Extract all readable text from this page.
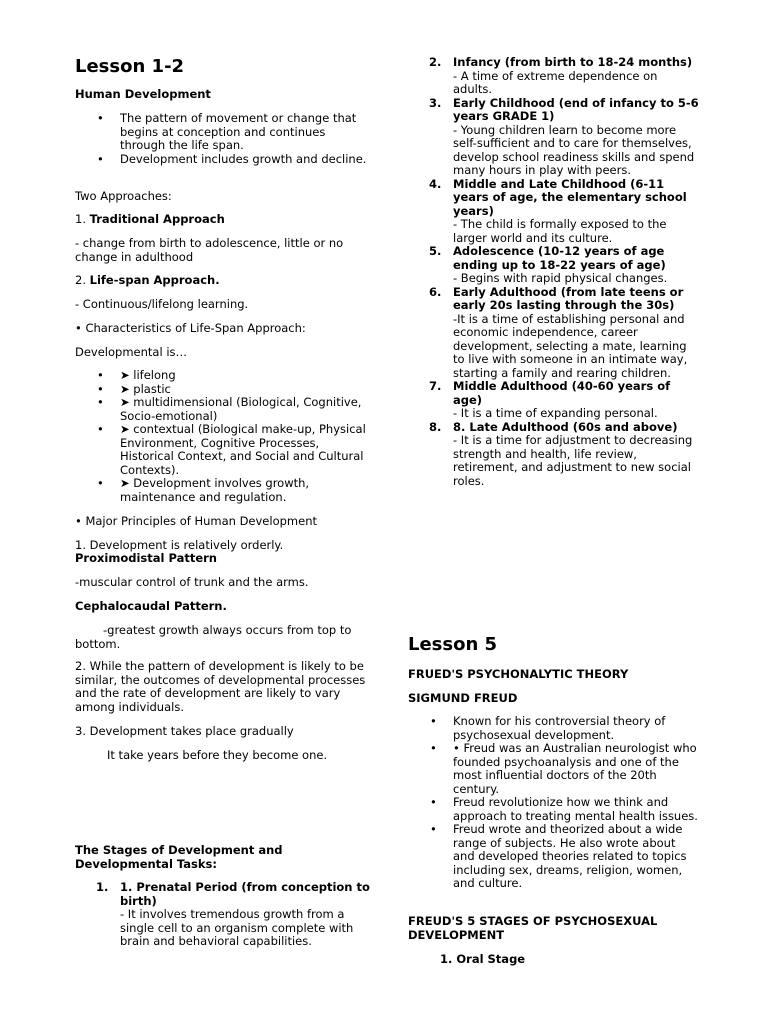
Lesson 1-2

Human Development

• The pattern of movement or change that begins at conception and continues through the life span.
• Development includes growth and decline.

Two Approaches:

1. Traditional Approach

- change from birth to adolescence, little or no change in adulthood

2. Life-span Approach.

- Continuous/lifelong learning.

• Characteristics of Life-Span Approach:

Developmental is…

• ➤ lifelong
• ➤ plastic
• ➤ multidimensional (Biological, Cognitive, Socio-emotional)
• ➤ contextual (Biological make-up, Physical Environment, Cognitive Processes, Historical Context, and Social and Cultural Contexts).
• ➤ Development involves growth, maintenance and regulation.

• Major Principles of Human Development

1. Development is relatively orderly.

Proximodistal Pattern

-muscular control of trunk and the arms.

Cephalocaudal Pattern.

-greatest growth always occurs from top to bottom.

2. While the pattern of development is likely to be similar, the outcomes of developmental processes and the rate of development are likely to vary among individuals.

3. Development takes place gradually

It take years before they become one.

The Stages of Development and Developmental Tasks:

1. 1. Prenatal Period (from conception to birth)
- It involves tremendous growth from a single cell to an organism complete with brain and behavioral capabilities.
2. Infancy (from birth to 18-24 months)
- A time of extreme dependence on adults.
3. Early Childhood (end of infancy to 5-6 years GRADE 1)
- Young children learn to become more self-sufficient and to care for themselves, develop school readiness skills and spend many hours in play with peers.
4. Middle and Late Childhood (6-11 years of age, the elementary school years)
- The child is formally exposed to the larger world and its culture.
5. Adolescence (10-12 years of age ending up to 18-22 years of age)
- Begins with rapid physical changes.
6. Early Adulthood (from late teens or early 20s lasting through the 30s)
-It is a time of establishing personal and economic independence, career development, selecting a mate, learning to live with someone in an intimate way, starting a family and rearing children.
7. Middle Adulthood (40-60 years of age)
- It is a time of expanding personal.
8. 8. Late Adulthood (60s and above)
- It is a time for adjustment to decreasing strength and health, life review, retirement, and adjustment to new social roles.
Lesson 5

FRUED'S PSYCHONALYTIC THEORY

SIGMUND FREUD

• Known for his controversial theory of psychosexual development.
• • Freud was an Australian neurologist who founded psychoanalysis and one of the most influential doctors of the 20th century.
• Freud revolutionize how we think and approach to treating mental health issues.
• Freud wrote and theorized about a wide range of subjects. He also wrote about and developed theories related to topics including sex, dreams, religion, women, and culture.

FREUD'S 5 STAGES OF PSYCHOSEXUAL DEVELOPMENT

1. Oral Stage
